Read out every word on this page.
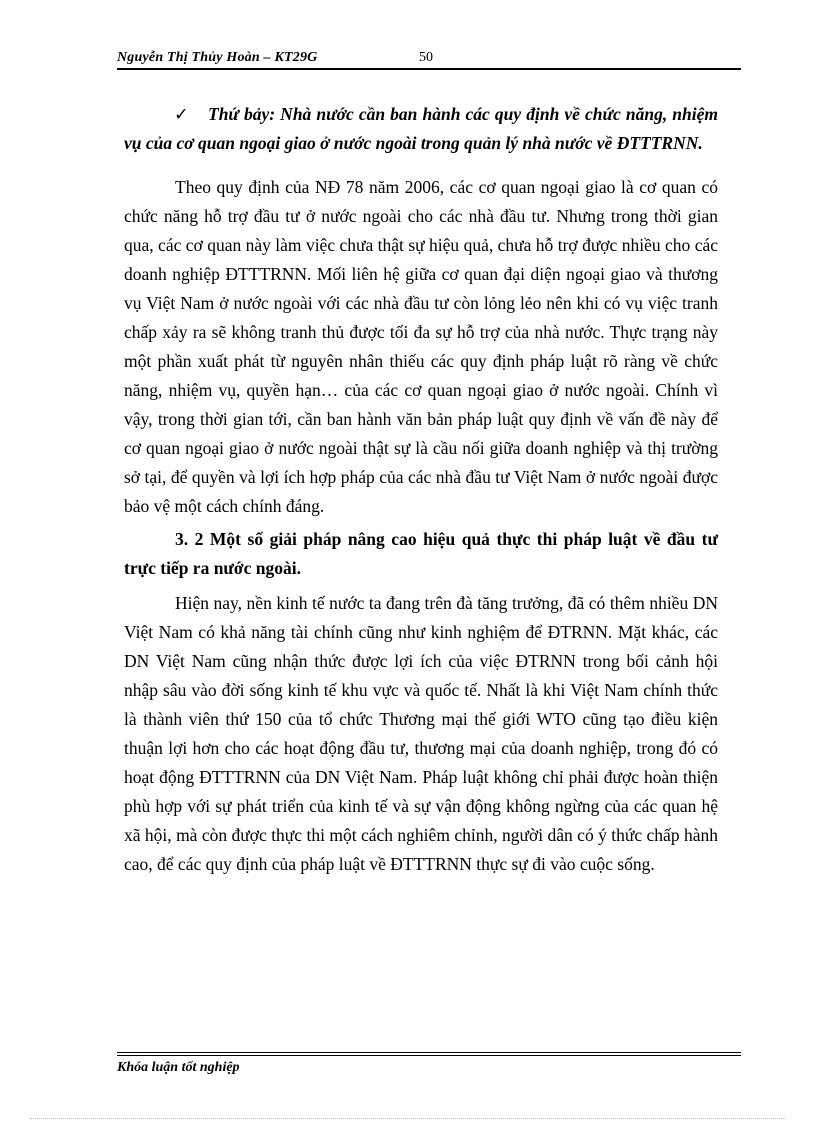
Nguyễn Thị Thủy Hoàn – KT29G	50

✓ Thứ bảy: Nhà nước cần ban hành các quy định về chức năng, nhiệm vụ của cơ quan ngoại giao ở nước ngoài trong quản lý nhà nước về ĐTTTRNN.

Theo quy định của NĐ 78 năm 2006, các cơ quan ngoại giao là cơ quan có chức năng hỗ trợ đầu tư ở nước ngoài cho các nhà đầu tư. Nhưng trong thời gian qua, các cơ quan này làm việc chưa thật sự hiệu quả, chưa hỗ trợ được nhiều cho các doanh nghiệp ĐTTTRNN. Mối liên hệ giữa cơ quan đại diện ngoại giao và thương vụ Việt Nam ở nước ngoài với các nhà đầu tư còn lỏng lẻo nên khi có vụ việc tranh chấp xảy ra sẽ không tranh thủ được tối đa sự hỗ trợ của nhà nước. Thực trạng này một phần xuất phát từ nguyên nhân thiếu các quy định pháp luật rõ ràng về chức năng, nhiệm vụ, quyền hạn… của các cơ quan ngoại giao ở nước ngoài. Chính vì vậy, trong thời gian tới, cần ban hành văn bản pháp luật quy định về vấn đề này để cơ quan ngoại giao ở nước ngoài thật sự là cầu nối giữa doanh nghiệp và thị trường sở tại, để quyền và lợi ích hợp pháp của các nhà đầu tư Việt Nam ở nước ngoài được bảo vệ một cách chính đáng.

3. 2 Một số giải pháp nâng cao hiệu quả thực thi pháp luật về đầu tư trực tiếp ra nước ngoài.

Hiện nay, nền kinh tế nước ta đang trên đà tăng trưởng, đã có thêm nhiều DN Việt Nam có khả năng tài chính cũng như kinh nghiệm để ĐTRNN. Mặt khác, các DN Việt Nam cũng nhận thức được lợi ích của việc ĐTRNN trong bối cảnh hội nhập sâu vào đời sống kinh tế khu vực và quốc tế. Nhất là khi Việt Nam chính thức là thành viên thứ 150 của tổ chức Thương mại thế giới WTO cũng tạo điều kiện thuận lợi hơn cho các hoạt động đầu tư, thương mại của doanh nghiệp, trong đó có hoạt động ĐTTTRNN của DN Việt Nam. Pháp luật không chỉ phải được hoàn thiện phù hợp với sự phát triển của kinh tế và sự vận động không ngừng của các quan hệ xã hội, mà còn được thực thi một cách nghiêm chỉnh, người dân có ý thức chấp hành cao, để các quy định của pháp luật về ĐTTTRNN thực sự đi vào cuộc sống.

Khóa luận tốt nghiệp
